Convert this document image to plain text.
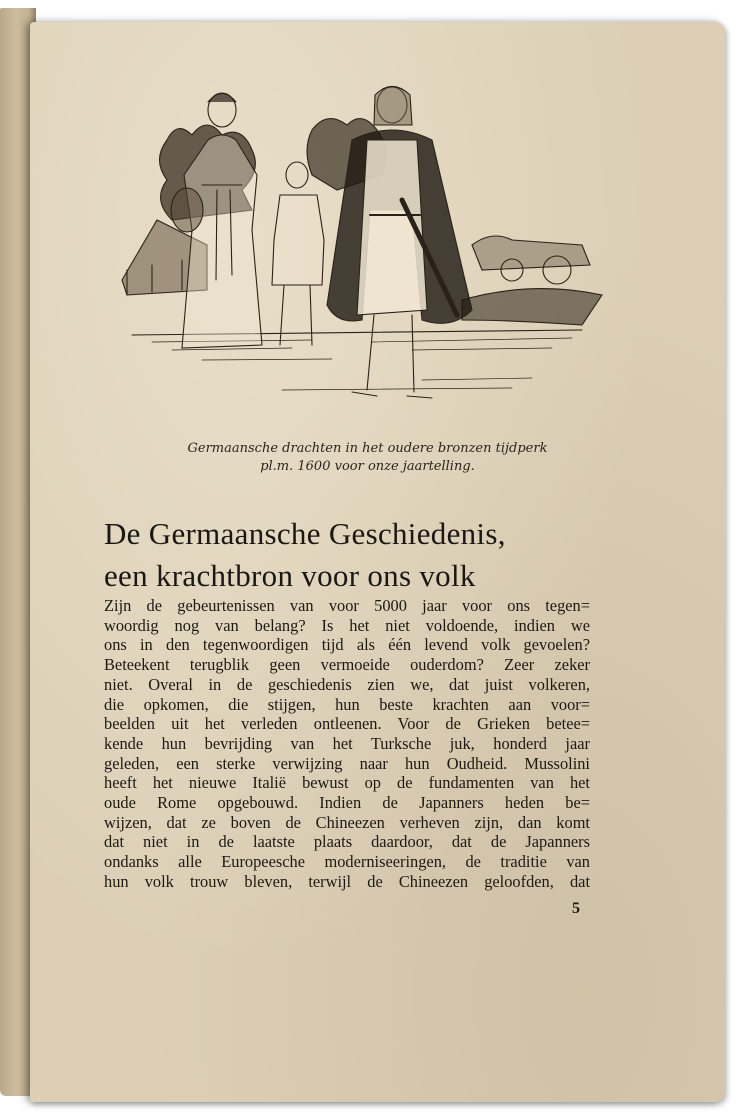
Germaansche drachten in het oudere bronzen tijdperk
pl.m. 1600 voor onze jaartelling.
De Germaansche Geschiedenis,
een krachtbron voor ons volk
Zijn de gebeurtenissen van voor 5000 jaar voor ons tegen=
woordig nog van belang? Is het niet voldoende, indien we
ons in den tegenwoordigen tijd als één levend volk gevoelen?
Beteekent terugblik geen vermoeide ouderdom? Zeer zeker
niet. Overal in de geschiedenis zien we, dat juist volkeren,
die opkomen, die stijgen, hun beste krachten aan voor=
beelden uit het verleden ontleenen. Voor de Grieken betee=
kende hun bevrijding van het Turksche juk, honderd jaar
geleden, een sterke verwijzing naar hun Oudheid. Mussolini
heeft het nieuwe Italië bewust op de fundamenten van het
oude Rome opgebouwd. Indien de Japanners heden be=
wijzen, dat ze boven de Chineezen verheven zijn, dan komt
dat niet in de laatste plaats daardoor, dat de Japanners
ondanks alle Europeesche moderniseeringen, de traditie van
hun volk trouw bleven, terwijl de Chineezen geloofden, dat
5
